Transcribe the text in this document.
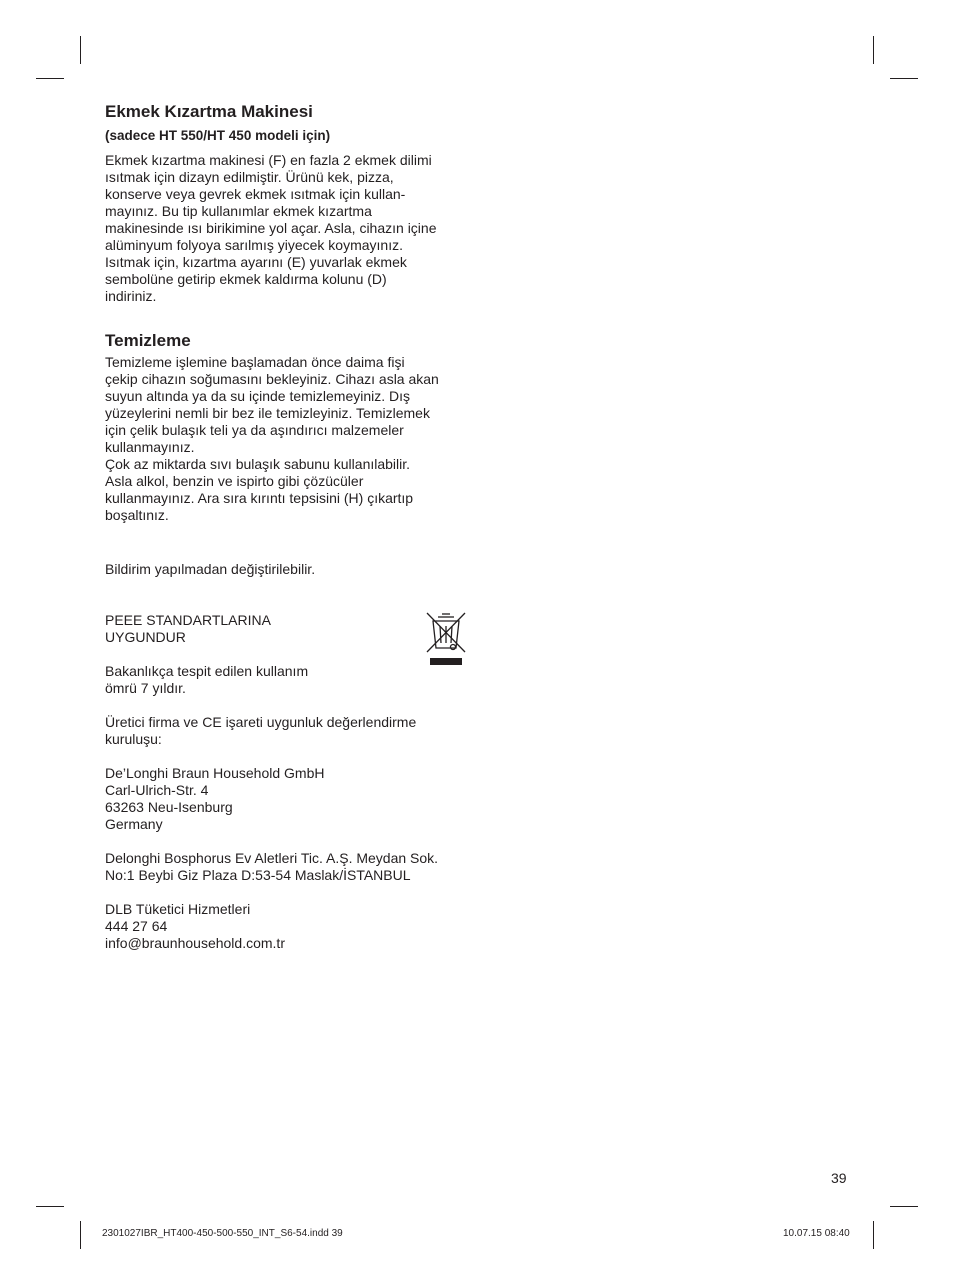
Ekmek Kızartma Makinesi
(sadece HT 550/HT 450 modeli için)

Ekmek kızartma makinesi (F) en fazla 2 ekmek dilimi
ısıtmak için dizayn edilmiştir. Ürünü kek, pizza,
konserve veya gevrek ekmek ısıtmak için kullan-
mayınız. Bu tip kullanımlar ekmek kızartma
makinesinde ısı birikimine yol açar. Asla, cihazın içine
alüminyum folyoya sarılmış yiyecek koymayınız.
Isıtmak için, kızartma ayarını (E) yuvarlak ekmek
sembolüne getirip ekmek kaldırma kolunu (D)
indiriniz.

Temizleme

Temizleme işlemine başlamadan önce daima fişi
çekip cihazın soğumasını bekleyiniz. Cihazı asla akan
suyun altında ya da su içinde temizlemeyiniz. Dış
yüzeylerini nemli bir bez ile temizleyiniz. Temizlemek
için çelik bulaşık teli ya da aşındırıcı malzemeler
kullanmayınız.
Çok az miktarda sıvı bulaşık sabunu kullanılabilir.
Asla alkol, benzin ve ispirto gibi çözücüler
kullanmayınız. Ara sıra kırıntı tepsisini (H) çıkartıp
boşaltınız.

Bildirim yapılmadan değiştirilebilir.
PEEE STANDARTLARINA
UYGUNDUR
Bakanlıkça tespit edilen kullanım
ömrü 7 yıldır.
Üretici firma ve CE işareti uygunluk değerlendirme
kuruluşu:
De’Longhi Braun Household GmbH
Carl-Ulrich-Str. 4
63263 Neu-Isenburg
Germany
Delonghi Bosphorus Ev Aletleri Tic. A.Ş. Meydan Sok.
No:1 Beybi Giz Plaza D:53-54 Maslak/İSTANBUL
DLB Tüketici Hizmetleri
444 27 64
info@braunhousehold.com.tr
39
2301027IBR_HT400-450-500-550_INT_S6-54.indd 39	10.07.15 08:40
